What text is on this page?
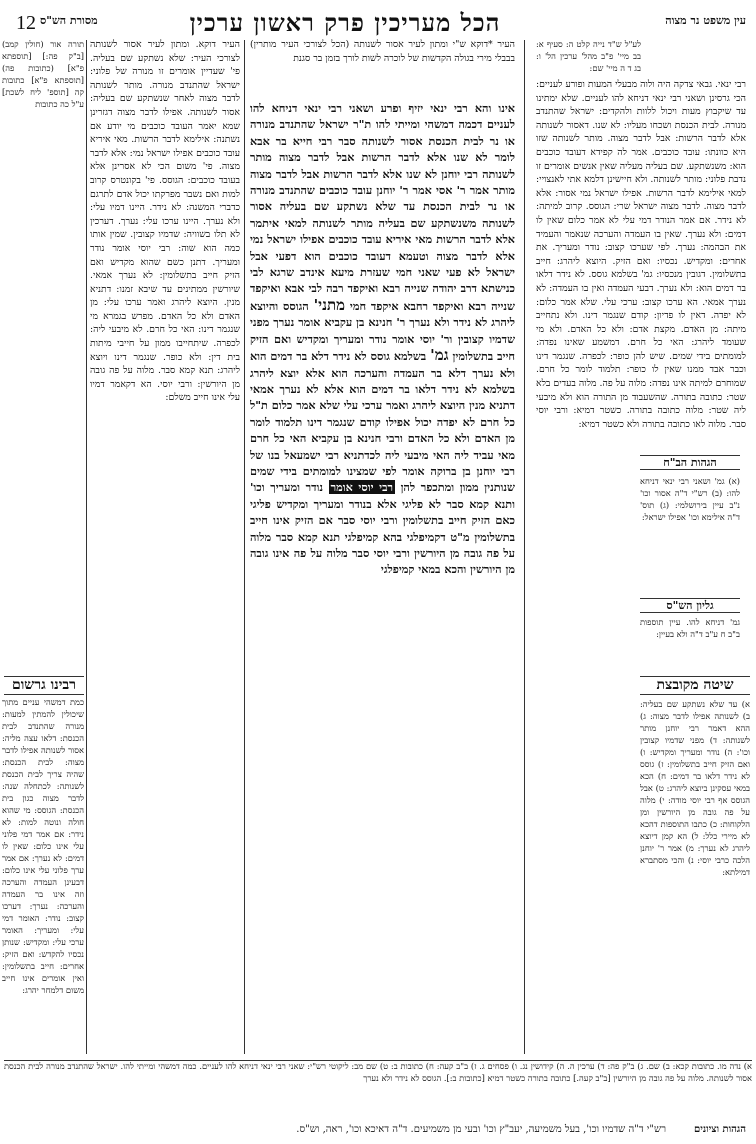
12	הכל מעריכין פרק ראשון ערכין	עין משפט נר מצוה
מסורת הש"ס
העיר *דוקא ש"י ומתון לעיר אסור לשנותה (הכל לצורכי העיר מותרין) בבבלי מירי בגולה הקדשות של לוכרה לשות לורך בזמן בר סגנת

אינו והא רבי ינאי יזיף ופרע ושאני רבי ינאי דניחא להו לעניים דכמה דמשהי ומייתי להו ת"ר ישראל שהתנדב מנורה או נר לבית הכנסת אסור לשנותה סבר רבי חייא בר אבא לומר לא שנו אלא לדבר הרשות אבל לדבר מצוה מותר לשנותה רבי יוחנן לא שנו אלא לדבר הרשות אבל לדבר מצוה מותר אמר ר' אסי אמר ר' יוחנן עובד כוכבים שהתנדב מנורה או נר לבית הכנסת עד שלא נשתקע שם בעליה אסור לשנותה משנשתקע שם בעליה מותר לשנותה למאי איתמר אלא לדבר הרשות מאי איריא עובד כוכבים אפילו ישראל נמי אלא לדבר מצוה וטעמא דעובד כוכבים הוא דפעי אבל ישראל לא פעי שאני חמי שעזרת מיעא אינדב שרגא לבי כנישתא דרב יהודה שנייה רבא ואיקפד רבה לבי אבא ואיקפד שנייה רבא ואיקפד רחבא איקפד חמי מתני' הגוסס והיוצא ליהרג לא נידר ולא נערך ר' חנינא בן עקביא אומר נערך מפני שדמיו קצובין ור' יוסי אומר נודר ומעריך ומקדיש ואם הזיק חייב בתשלומין גמ' בשלמא גוסס לא נידר דלא בר דמים הוא ולא נערך דלא בר העמדה והערכה הוא אלא יוצא ליהרג בשלמא לא נידר דלאו בר דמים הוא אלא לא נערך אמאי דתניא מנין היוצא ליהרג ואמר ערכי עלי שלא אמר כלום ת"ל כל חרם לא יפדה יכול אפילו קודם שנגמר דינו תלמוד לומר מן האדם ולא כל האדם ורבי חנינא בן עקביא האי כל חרם מאי עביד ליה האי מיבעי ליה לכדתניא רבי ישמעאל בנו של רבי יוחנן בן ברוקה אומר לפי שמצינו למומתים בידי שמים שנותנין ממון ומתכפר להן רבי יוסי אומר נודר ומעריך וכו' ותנא קמא סבר לא פליגי אלא בנודר ומעריך ומקדיש פליגי כאם הזיק חייב בתשלומין ורבי יוסי סבר אם הזיק אינו חייב בתשלומין מ"ט דקמיפלגי בהא קמיפלגי תנא קמא סבר מלוה על פה גובה מן היורשין ורבי יוסי סבר מלוה על פה אינו גובה מן היורשין והכא במאי קמיפלגי

לע"ל ש"ד נייה קלט ה: סעיף א: בב מיי' פ"ב מהל' ערכין הל' ו: בג ד ה מיי' שם:

רבי ינאי. גבאי צדקה היה ולוה מבעלי המעות ופורע לעניים: הכי גרסינן ושאני רבי ינאי דניחא להו לעניים. שלא ימתינו עד שיקבוץ מעות ויכול ללוות ולהקדים: ישראל שהתנדב מנורה. לבית הכנסת ושכחו מעליו: לא שנו. דאסור לשנותה אלא לדבר הרשות: אבל לדבר מצוה. מותר לשנותה שזו היא כוונתו: עובד כוכבים. אמר לה קפידא דעובד כוכבים הוא: משנשתקע. שם בעליה מעליה שאין אנשים אומרים זו נדבת פלוני: מותר לשנותה. ולא חיישינן דלמא אתי לאנצויי: למאי אילימא לדבר הרשות. אפילו ישראל נמי אסור: אלא לדבר מצוה. לדבר מצוה ישראל שרי: הגוסס. קרוב למיתה: לא נידר. אם אמר הנודר דמי עלי לא אמר כלום שאין לו דמים: ולא נערך. שאין בו העמדה והערכה שנאמר והעמיד את הבהמה: נערך. לפי שערכו קצוב: נודר ומעריך. את אחרים: ומקדיש. נכסיו: ואם הזיק. היוצא ליהרג: חייב בתשלומין. דגובין מנכסיו: גמ' בשלמא גוסס. לא נידר דלאו בר דמים הוא: ולא נערך. דבעי העמדה ואין בו העמדה: לא נערך אמאי. הא ערכו קצוב: ערכי עלי. שלא אמר כלום: לא יפדה. דאין לו פדיון: קודם שנגמר דינו. ולא נתחייב מיתה: מן האדם. מקצת אדם: ולא כל האדם. ולא מי שעומד ליהרג: האי כל חרם. דמשמע שאינו נפדה: למומתים בידי שמים. שיש להן כופר: לכפרה. שנגמר דינו וכבר אבד ממנו שאין לו כופר: תלמוד לומר כל חרם. שמוחרם למיתה אינו נפדה: מלוה על פה. מלוה בעדים בלא שטר: כתובה בתורה. שהשעבוד מן התורה הוא ולא מיבעי ליה שטר: מלוה כתובה בתורה. כשטר דמיא: ורבי יוסי סבר. מלוה לאו כתובה בתורה ולא כשטר דמיא:

העיר דוקא. ומתון לעיר אסור לשנותה לצורכי העיר: שלא נשתקע שם בעליה. פי' שעדיין אומרים זו מנורה של פלוני: ישראל שהתנדב מנורה. מותר לשנותה לדבר מצוה לאחר שנשתקע שם בעליה: אסור לשנותה. אפילו לדבר מצוה דגזרינן שמא יאמר העובד כוכבים מי יודע אם נשתנה: אילימא לדבר הרשות. מאי איריא עובד כוכבים אפילו ישראל נמי: אלא לדבר מצוה. פי' משום הכי לא אסרינן אלא בעובד כוכבים: הגוסס. פי' בקונטרס קרוב למות ואם נשבר מפרקתו יכול אדם לתרגם כדברי המשנה: לא נידר. היינו דמיו עלי: ולא נערך. היינו ערכו עלי: נערך. דערכין לא תלו בשוויה: שדמיו קצובין. שמין אותו כמה הוא שוה: רבי יוסי אומר נודר ומעריך. דתנן כשם שהוא מקדיש ואם הזיק חייב בתשלומין: לא נערך אמאי. שיורשין ממתינים עד שיבא זמנו: דתניא מנין. היוצא ליהרג ואמר ערכו עלי: מן האדם ולא כל האדם. מפרש בגמרא מי שנגמר דינו: האי כל חרם. לא מיבעי ליה: לכפרה. שיתחייבו ממון על חייבי מיתות בית דין: ולא כופר. שנגמר דינו ויוצא ליהרג: תנא קמא סבר. מלוה על פה גובה מן היורשין: ורבי יוסי. הא דקאמר דמיו עלי אינו חייב משלם:

תורה אור (חולין קמב) [ב"ק פה:] [תוספתא פ"א] (כתובות פה) [תוספתא פ"א] כתובות קה [תוספ' ליח לשכת] ע"ל כה כתובות

רבינו גרשום

כמת דמשהי עניים מתוך שיכולין להמתין למעות: מנורה שהתנדב לבית הכנסת: דלאו עצה מליה: אסור לשנותה אפילו לדבר מצוה: לבית הכנסת: שהיה צריך לבית הכנסת לשנותה: לכתחלה שנה: לדבר מצוה כגון בית הכנסת: הגוסס: מי שהוא חולה ונוטה למות: לא נידר: אם אמר דמי פלוני עלי אינו כלום: שאין לו דמים: לא נערך: אם אמר ערך פלוני עלי אינו כלום: דבעינן העמדה והערכה וזה אינו בר העמדה והערכה: נערך: דערכו קצוב: נודר: האומר דמי עלי: ומעריך: האומר ערכי עלי: ומקדיש: שנותן נכסיו להקדש: ואם הזיק: אחרים: חייב בתשלומין: ואין אומרים אינו חייב משום דלמחר יהרג:

הגהות הב"ח

(א) גמ' ושאני רבי ינאי דניחא להו: (ב) רש"י ד"ה אסור וכו' נ"ב עיין בירושלמי: (ג) תוס' ד"ה אילימא וכו' אפילו ישראל:

גליון הש"ס

גמ' דניחא להו. עיין תוספות ב"ב ח ע"ב ד"ה ולא בעיין:

שיטה מקובצת

א) עד שלא נשתקע שם בעליה: ב) לשנותה אפילו לדבר מצוה: ג) ההא דאמר רבי יוחנן מותר לשנותה: ד) מפני שדמיו קצובין וכו': ה) נודר ומעריך ומקדיש: ו) ואם הזיק חייב בתשלומין: ז) גוסס לא נידר דלאו בר דמים: ח) הכא במאי עסקינן ביוצא ליהרג: ט) אבל הגוסס אף רבי יוסי מודה: י) מלוה על פה גובה מן היורשין ומן הלקוחות: כ) כתבו התוספות דהכא לא מיירי כלל: ל) הא קמן דיוצא ליהרג לא נערך: מ) אמר ר' יוחנן הלכה כרבי יוסי: נ) והכי מסתברא דמילתא:

א) נדה מו. כתובות קכא: ב) שם. ג) ב"ק פה: ד) ערכין ה. ה) קידושין נג. ו) פסחים ג. ז) ב"ב קעה: ח) כתובות ב: ט) שם מב: ליקוטי רש"י: שאני רבי ינאי דניחא להו לעניים. כמה דמשהי ומייתי להו. ישראל שהתנדב מנורה לבית הכנסת אסור לשנותה. מלוה על פה גובה מן היורשין [ב"ב קעה.] כתובה בתורה כשטר דמיא [כתובות ב:]. הגוסס לא נידר ולא נערך
הגהות וציונים
רש"י ד"ה שדמיו וכו', בעל משמיעה, יעב"ץ וכו' ובעי מן משמיעים. ד"ה דאיכא וכו', ראה, וש"ס.
